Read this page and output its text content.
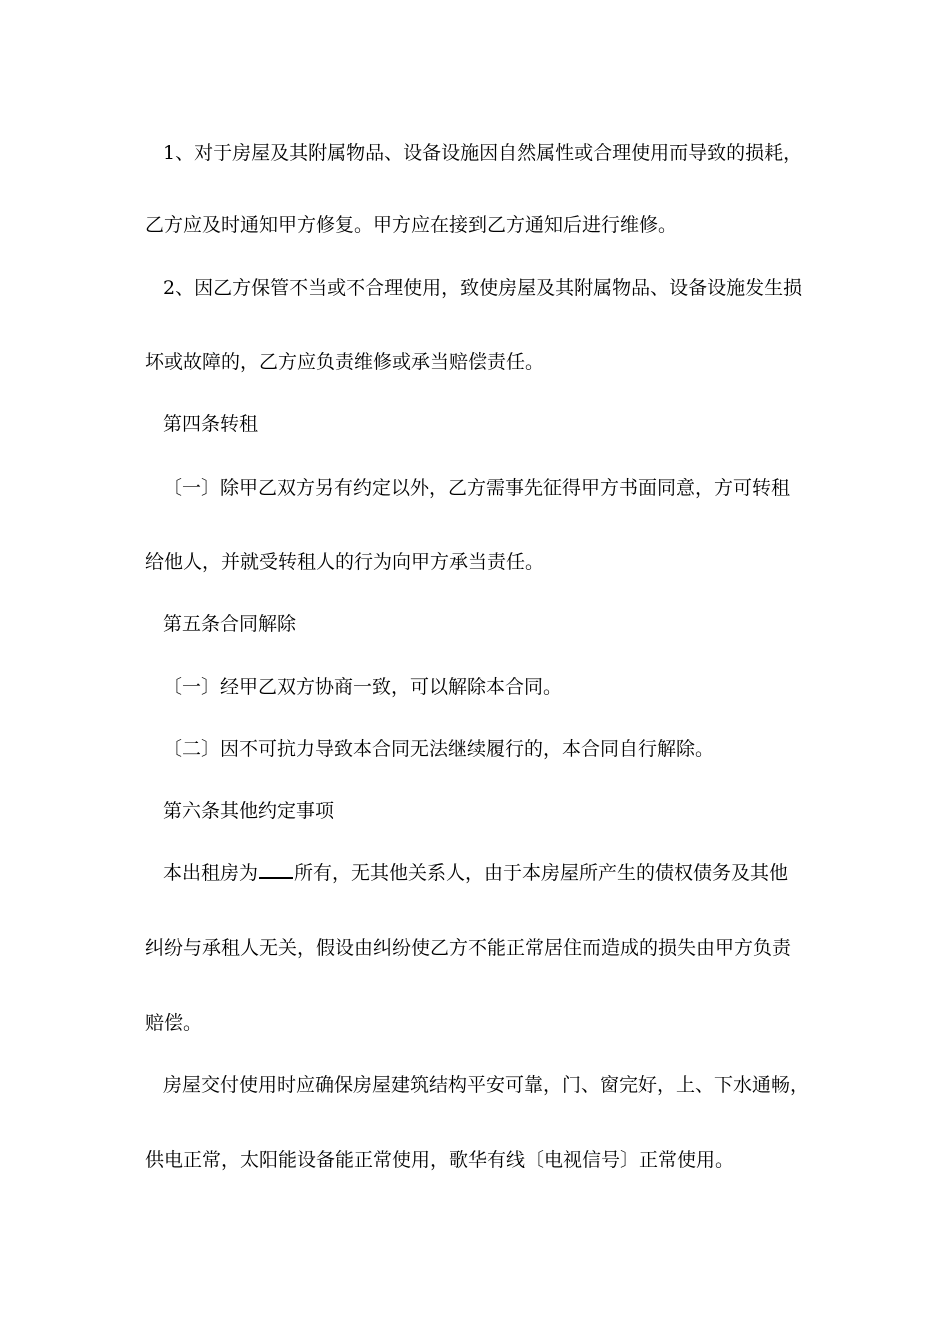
1、对于房屋及其附属物品、设备设施因自然属性或合理使用而导致的损耗，
乙方应及时通知甲方修复。甲方应在接到乙方通知后进行维修。
2、因乙方保管不当或不合理使用，致使房屋及其附属物品、设备设施发生损
坏或故障的，乙方应负责维修或承当赔偿责任。
第四条转租
〔一〕除甲乙双方另有约定以外，乙方需事先征得甲方书面同意，方可转租
给他人，并就受转租人的行为向甲方承当责任。
第五条合同解除
〔一〕经甲乙双方协商一致，可以解除本合同。
〔二〕因不可抗力导致本合同无法继续履行的，本合同自行解除。
第六条其他约定事项
本出租房为 所有，无其他关系人，由于本房屋所产生的债权债务及其他
纠纷与承租人无关，假设由纠纷使乙方不能正常居住而造成的损失由甲方负责
赔偿。
房屋交付使用时应确保房屋建筑结构平安可靠，门、窗完好，上、下水通畅，
供电正常，太阳能设备能正常使用，歌华有线〔电视信号〕正常使用。
